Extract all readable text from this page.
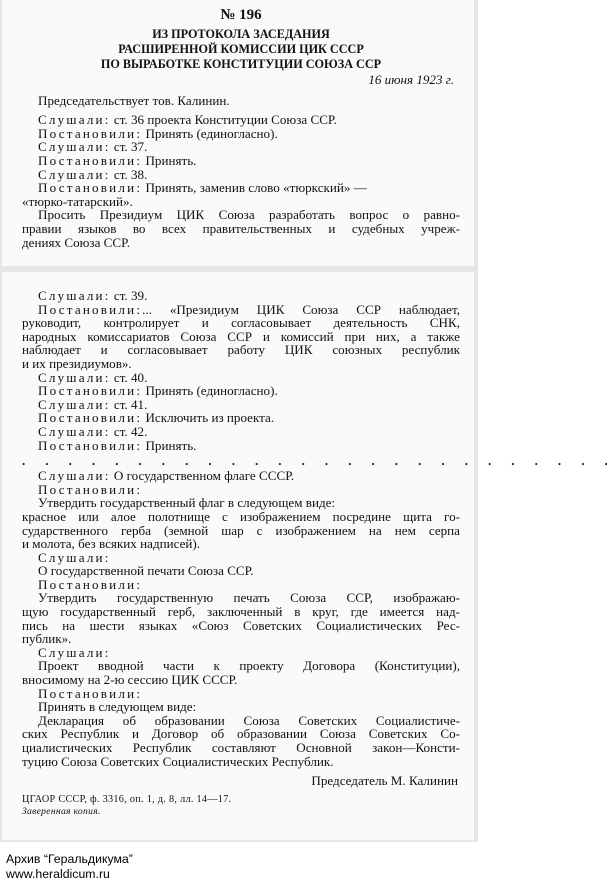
№ 196
ИЗ ПРОТОКОЛА ЗАСЕДАНИЯ
РАСШИРЕННОЙ КОМИССИИ ЦИК СССР
ПО ВЫРАБОТКЕ КОНСТИТУЦИИ СОЮЗА ССР
16 июня 1923 г.
Председательствует тов. Калинин.
Слушали: ст. 36 проекта Конституции Союза ССР.
Постановили: Принять (единогласно).
Слушали: ст. 37.
Постановили: Принять.
Слушали: ст. 38.
Постановили: Принять, заменив слово «тюркский» —
«тюрко-татарский».
Просить Президиум ЦИК Союза разработать вопрос о равно-
правии языков во всех правительственных и судебных учреж-
дениях Союза ССР.
Слушали: ст. 39.
Постановили:... «Президиум ЦИК Союза ССР наблюдает,
руководит, контролирует и согласовывает деятельность СНК,
народных комиссариатов Союза ССР и комиссий при них, а также
наблюдает и согласовывает работу ЦИК союзных республик
и их президиумов».
Слушали: ст. 40.
Постановили: Принять (единогласно).
Слушали: ст. 41.
Постановили: Исключить из проекта.
Слушали: ст. 42.
Постановили: Принять.
. . . . . . . . . . . . . . . . . . . . . . . . . .
Слушали: О государственном флаге СССР.
Постановили:
Утвердить государственный флаг в следующем виде:
красное или алое полотнище с изображением посредине щита го-
сударственного герба (земной шар с изображением на нем серпа
и молота, без всяких надписей).
Слушали:
О государственной печати Союза ССР.
Постановили:
Утвердить государственную печать Союза ССР, изображаю-
щую государственный герб, заключенный в круг, где имеется над-
пись на шести языках «Союз Советских Социалистических Рес-
публик».
Слушали:
Проект вводной части к проекту Договора (Конституции),
вносимому на 2-ю сессию ЦИК СССР.
Постановили:
Принять в следующем виде:
Декларация об образовании Союза Советских Социалистиче-
ских Республик и Договор об образовании Союза Советских Со-
циалистических Республик составляют Основной закон—Консти-
туцию Союза Советских Социалистических Республик.
Председатель М. Калинин
ЦГАОР СССР, ф. 3316, оп. 1, д. 8, лл. 14—17.
Заверенная копия.
Архив “Геральдикума”
www.heraldicum.ru
